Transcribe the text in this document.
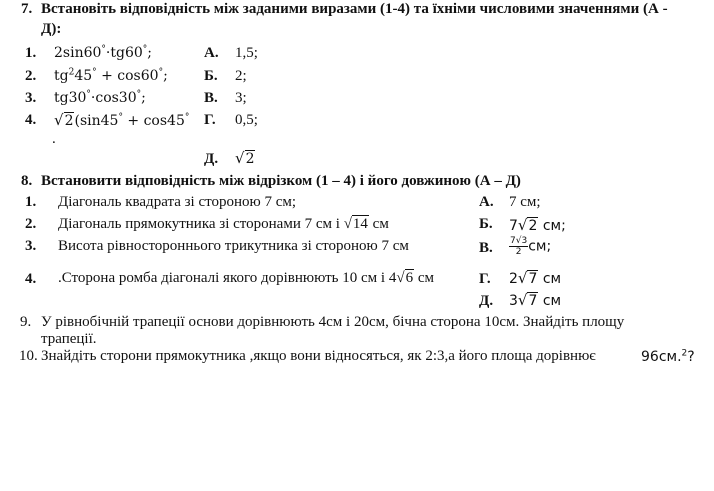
7. Встановіть відповідність між заданими виразами (1-4) та їхніми числовими значеннями (А -
Д):
1. 2sin60°·tg60°;	А. 1,5;
2. $tg^245^\circ + \cos 60^\circ$; Б. 2;
3. tg30°·cos30°;	В. 3;
4. √2(sin45° + cos45° Г. 0,5;
.
Д. √2
8. Встановити відповідність між відрізком (1 – 4) і його довжиною (А – Д)
1. Діагональ квадрата зі стороною 7 см;	А. 7 см;
2. Діагональ прямокутника зі сторонами 7 см і √14 см	Б. 7√2 см;
3. Висота рівностороннього трикутника зі стороною 7 см	В. $\frac{7√3}{2}$ см;
4. .Сторона ромба діагоналі якого дорівнюють 10 см і 4√6 см	Г. 2√7 см
Д. 3√7 см
9. У рівнобічній трапеції основи дорівнюють 4см і 20см, бічна сторона 10см. Знайдіть площу
трапеції.
10. Знайдіть сторони прямокутника ,якщо вони відносяться, як 2:3,а його площа дорівнює	96см.$^2$?
